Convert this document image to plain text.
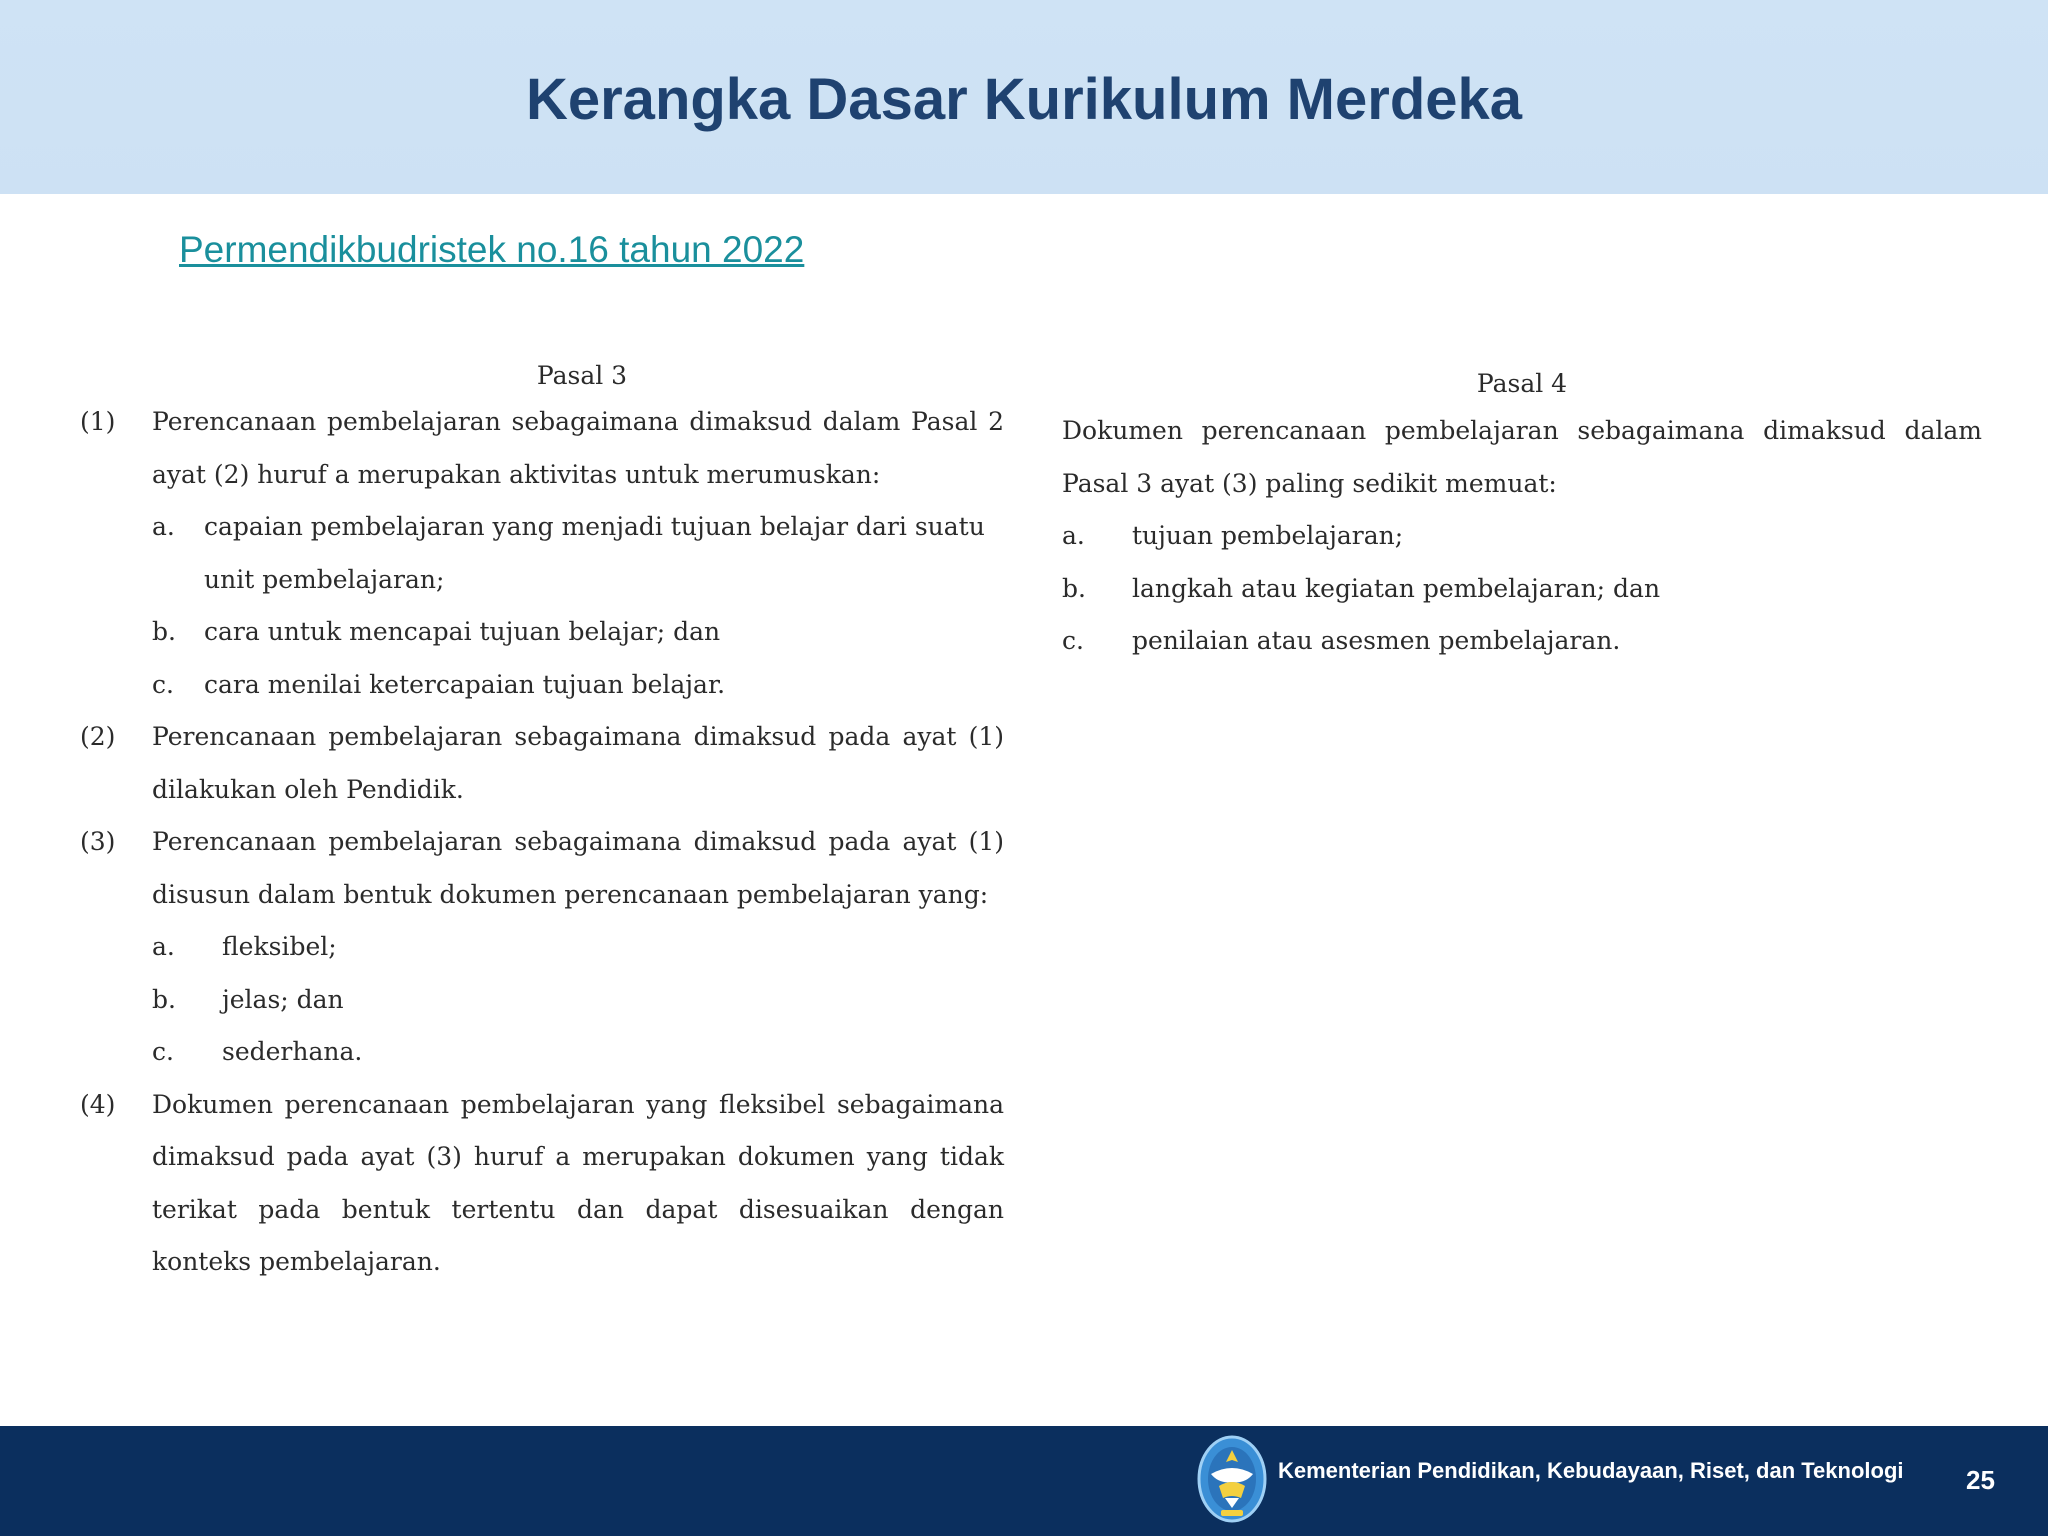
Kerangka Dasar Kurikulum Merdeka
Permendikbudristek no.16 tahun 2022
Pasal 3
(1)	Perencanaan pembelajaran sebagaimana dimaksud dalam Pasal 2 ayat (2) huruf a merupakan aktivitas untuk merumuskan:
a.	capaian pembelajaran yang menjadi tujuan belajar dari suatu unit pembelajaran;
b.	cara untuk mencapai tujuan belajar; dan
c.	cara menilai ketercapaian tujuan belajar.
(2)	Perencanaan pembelajaran sebagaimana dimaksud pada ayat (1) dilakukan oleh Pendidik.
(3)	Perencanaan pembelajaran sebagaimana dimaksud pada ayat (1) disusun dalam bentuk dokumen perencanaan pembelajaran yang:
a.	fleksibel;
b.	jelas; dan
c.	sederhana.
(4)	Dokumen perencanaan pembelajaran yang fleksibel sebagaimana dimaksud pada ayat (3) huruf a merupakan dokumen yang tidak terikat pada bentuk tertentu dan dapat disesuaikan dengan konteks pembelajaran.
Pasal 4
Dokumen perencanaan pembelajaran sebagaimana dimaksud dalam Pasal 3 ayat (3) paling sedikit memuat:
a.	tujuan pembelajaran;
b.	langkah atau kegiatan pembelajaran; dan
c.	penilaian atau asesmen pembelajaran.
Kementerian Pendidikan, Kebudayaan, Riset, dan Teknologi 25
